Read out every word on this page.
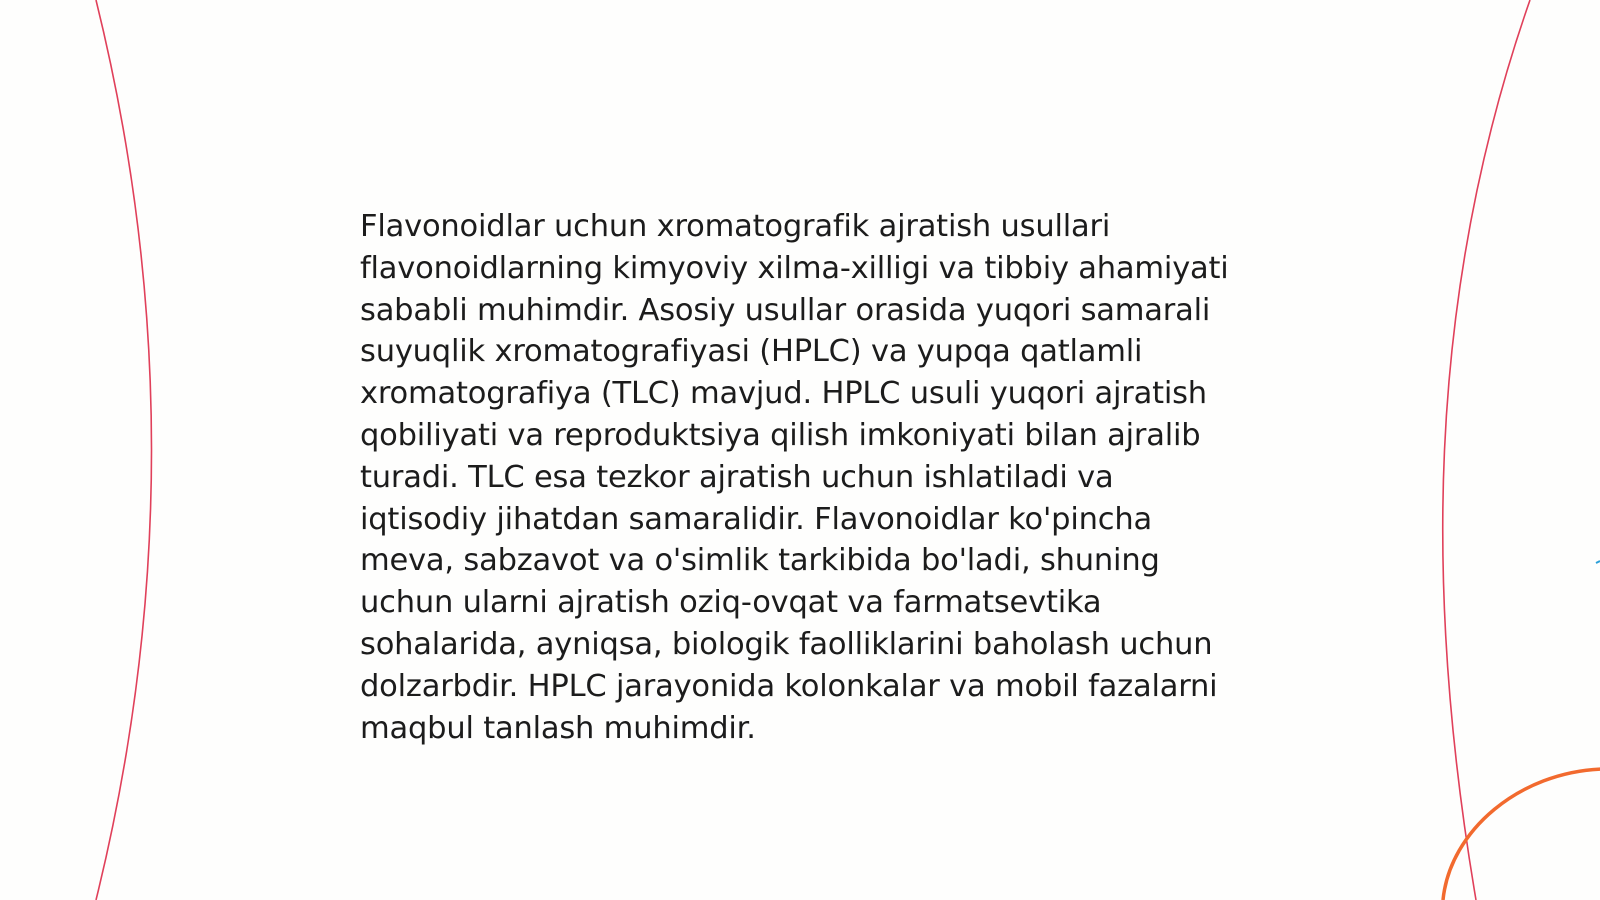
Flavonoidlar uchun xromatografik ajratish usullari flavonoidlarning kimyoviy xilma-xilligi va tibbiy ahamiyati sababli muhimdir. Asosiy usullar orasida yuqori samarali suyuqlik xromatografiyasi (HPLC) va yupqa qatlamli xromatografiya (TLC) mavjud. HPLC usuli yuqori ajratish qobiliyati va reproduktsiya qilish imkoniyati bilan ajralib turadi. TLC esa tezkor ajratish uchun ishlatiladi va iqtisodiy jihatdan samaralidir. Flavonoidlar ko'pincha meva, sabzavot va o'simlik tarkibida bo'ladi, shuning uchun ularni ajratish oziq-ovqat va farmatsevtika sohalarida, ayniqsa, biologik faolliklarini baholash uchun dolzarbdir. HPLC jarayonida kolonkalar va mobil fazalarni maqbul tanlash muhimdir.
